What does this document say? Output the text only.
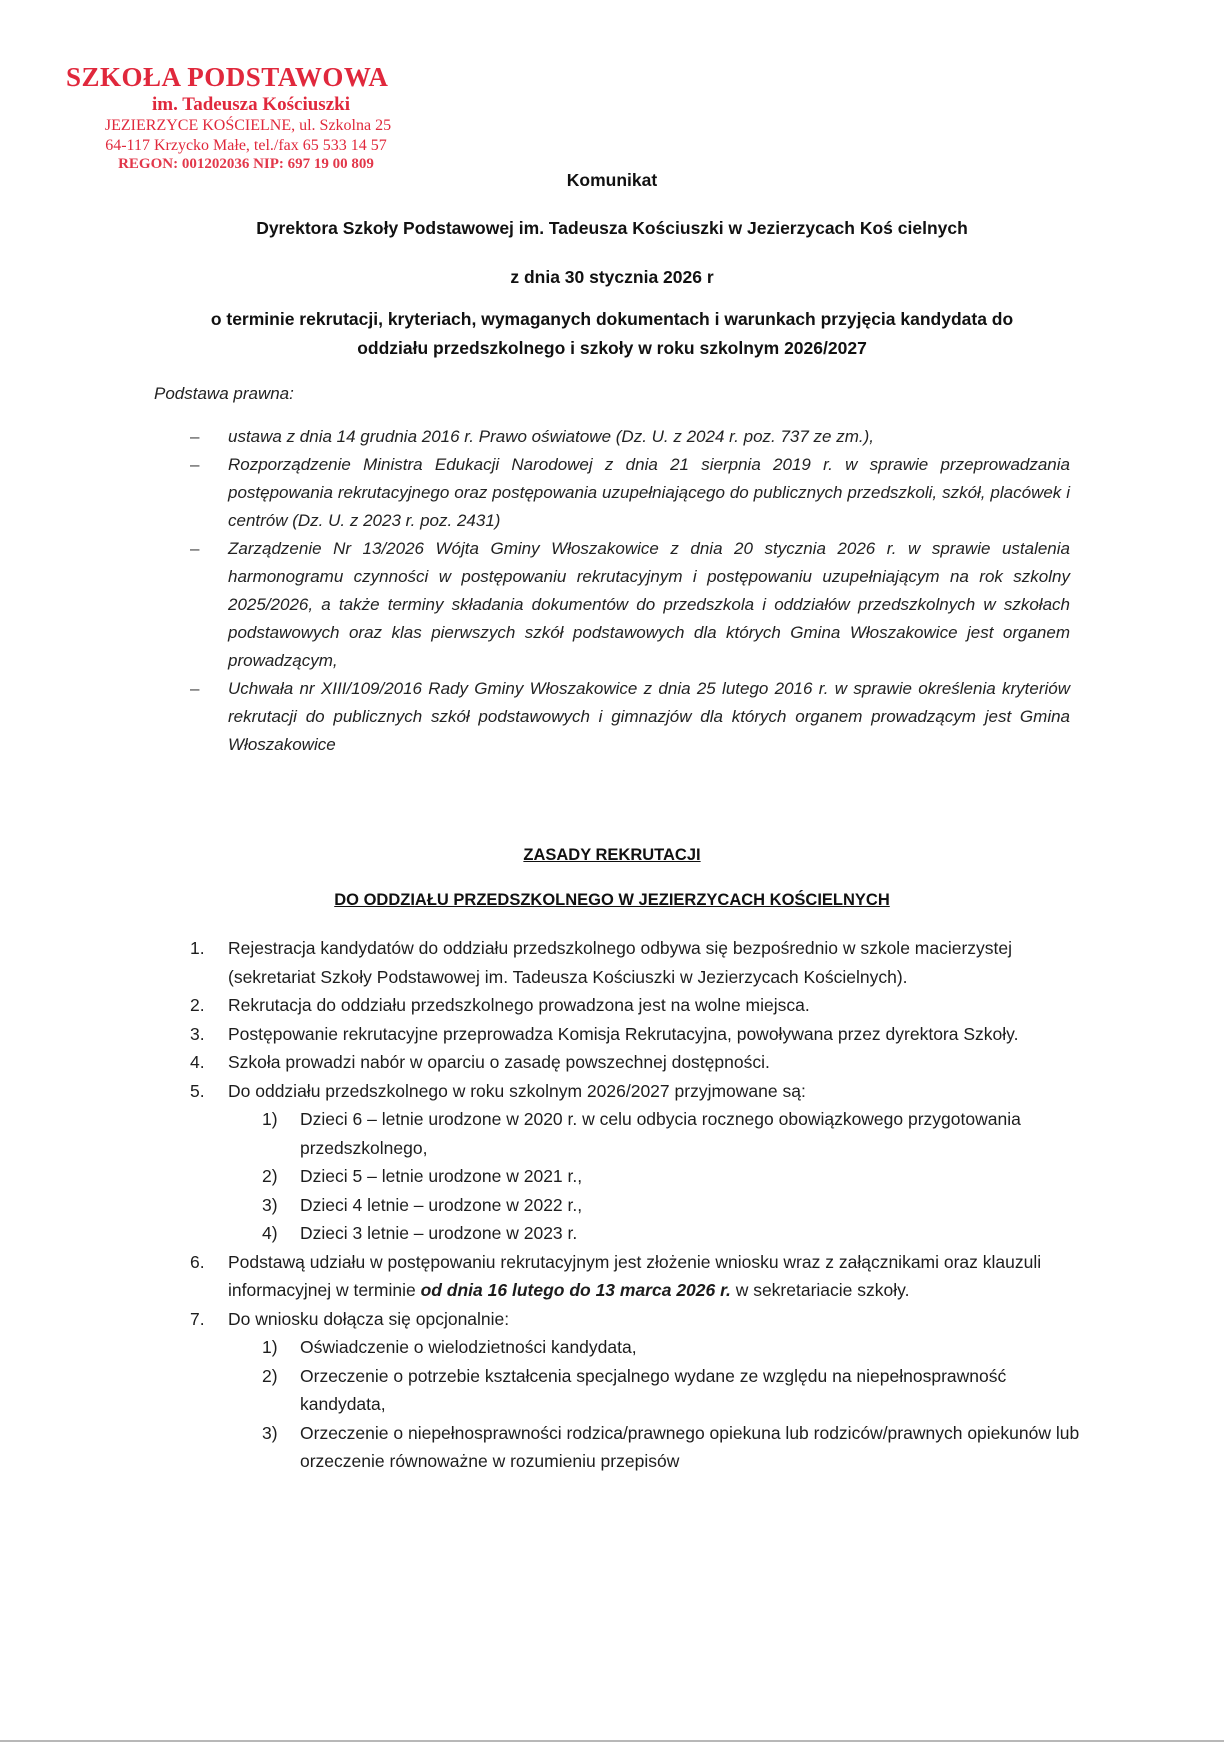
SZKOŁA PODSTAWOWA
im. Tadeusza Kościuszki
JEZIERZYCE KOŚCIELNE, ul. Szkolna 25
64-117 Krzycko Małe, tel./fax 65 533 14 57
REGON: 001202036 NIP: 697 19 00 809
Komunikat
Dyrektora Szkoły Podstawowej im. Tadeusza Kościuszki w Jezierzycach Koś cielnych
z dnia 30 stycznia 2026 r
o terminie rekrutacji, kryteriach, wymaganych dokumentach i warunkach przyjęcia kandydata do
oddziału przedszkolnego i szkoły w roku szkolnym 2026/2027
Podstawa prawna:
– ustawa z dnia 14 grudnia 2016 r. Prawo oświatowe (Dz. U. z 2024 r. poz. 737 ze zm.),
– Rozporządzenie Ministra Edukacji Narodowej z dnia 21 sierpnia 2019 r. w sprawie przeprowadzania postępowania rekrutacyjnego oraz postępowania uzupełniającego do publicznych przedszkoli, szkół, placówek i centrów (Dz. U. z 2023 r. poz. 2431)
– Zarządzenie Nr 13/2026 Wójta Gminy Włoszakowice z dnia 20 stycznia 2026 r. w sprawie ustalenia harmonogramu czynności w postępowaniu rekrutacyjnym i postępowaniu uzupełniającym na rok szkolny 2025/2026, a także terminy składania dokumentów do przedszkola i oddziałów przedszkolnych w szkołach podstawowych oraz klas pierwszych szkół podstawowych dla których Gmina Włoszakowice jest organem prowadzącym,
– Uchwała nr XIII/109/2016 Rady Gminy Włoszakowice z dnia 25 lutego 2016 r. w sprawie określenia kryteriów rekrutacji do publicznych szkół podstawowych i gimnazjów dla których organem prowadzącym jest Gmina Włoszakowice
ZASADY REKRUTACJI
DO ODDZIAŁU PRZEDSZKOLNEGO W JEZIERZYCACH KOŚCIELNYCH
1. Rejestracja kandydatów do oddziału przedszkolnego odbywa się bezpośrednio w szkole macierzystej (sekretariat Szkoły Podstawowej im. Tadeusza Kościuszki w Jezierzycach Kościelnych).
2. Rekrutacja do oddziału przedszkolnego prowadzona jest na wolne miejsca.
3. Postępowanie rekrutacyjne przeprowadza Komisja Rekrutacyjna, powoływana przez dyrektora Szkoły.
4. Szkoła prowadzi nabór w oparciu o zasadę powszechnej dostępności.
5. Do oddziału przedszkolnego w roku szkolnym 2026/2027 przyjmowane są:
1) Dzieci 6 – letnie urodzone w 2020 r. w celu odbycia rocznego obowiązkowego przygotowania przedszkolnego,
2) Dzieci 5 – letnie urodzone w 2021 r.,
3) Dzieci 4 letnie – urodzone w 2022 r.,
4) Dzieci 3 letnie – urodzone w 2023 r.
6. Podstawą udziału w postępowaniu rekrutacyjnym jest złożenie wniosku wraz z załącznikami oraz klauzuli informacyjnej w terminie od dnia 16 lutego do 13 marca 2026 r. w sekretariacie szkoły.
7. Do wniosku dołącza się opcjonalnie:
1) Oświadczenie o wielodzietności kandydata,
2) Orzeczenie o potrzebie kształcenia specjalnego wydane ze względu na niepełnosprawność kandydata,
3) Orzeczenie o niepełnosprawności rodzica/prawnego opiekuna lub rodziców/prawnych opiekunów lub orzeczenie równoważne w rozumieniu przepisów
